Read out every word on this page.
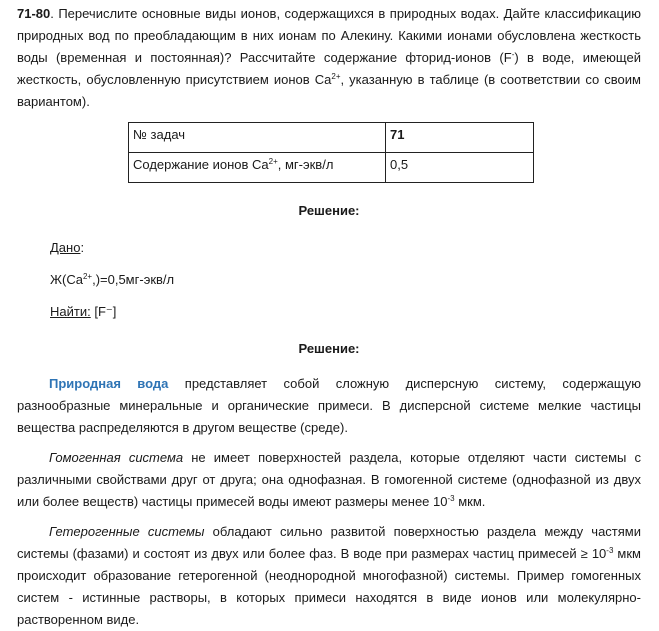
71-80. Перечислите основные виды ионов, содержащихся в природных водах. Дайте классификацию природных вод по преобладающим в них ионам по Алекину. Какими ионами обусловлена жесткость воды (временная и постоянная)? Рассчитайте содержание фторид-ионов (F-) в воде, имеющей жесткость, обусловленную присутствием ионов $Ca^{2+}$, указанную в таблице (в соответствии со своим вариантом).

№ задач	71
Содержание ионов $Ca^{2+}$, мг-экв/л	0,5

Решение:

Дано:

$Ж(Ca^{2+},)=0,5мг-экв/л$

Найти: [F⁻]

Решение:

Природная вода представляет собой сложную дисперсную систему, содержащую разнообразные минеральные и органические примеси. В дисперсной системе мелкие частицы вещества распределяются в другом веществе (среде).

Гомогенная система не имеет поверхностей раздела, которые отделяют части системы с различными свойствами друг от друга; она однофазная. В гомогенной системе (однофазной из двух или более веществ) частицы примесей воды имеют размеры менее $10^{-3}$ мкм.

Гетерогенные системы обладают сильно развитой поверхностью раздела между частями системы (фазами) и состоят из двух или более фаз. В воде при размерах частиц примесей ≥ $10^{-3}$ мкм происходит образование гетерогенной (неоднородной многофазной) системы. Пример гомогенных систем - истинные растворы, в которых примеси находятся в виде ионов или молекулярно-растворенном виде.
